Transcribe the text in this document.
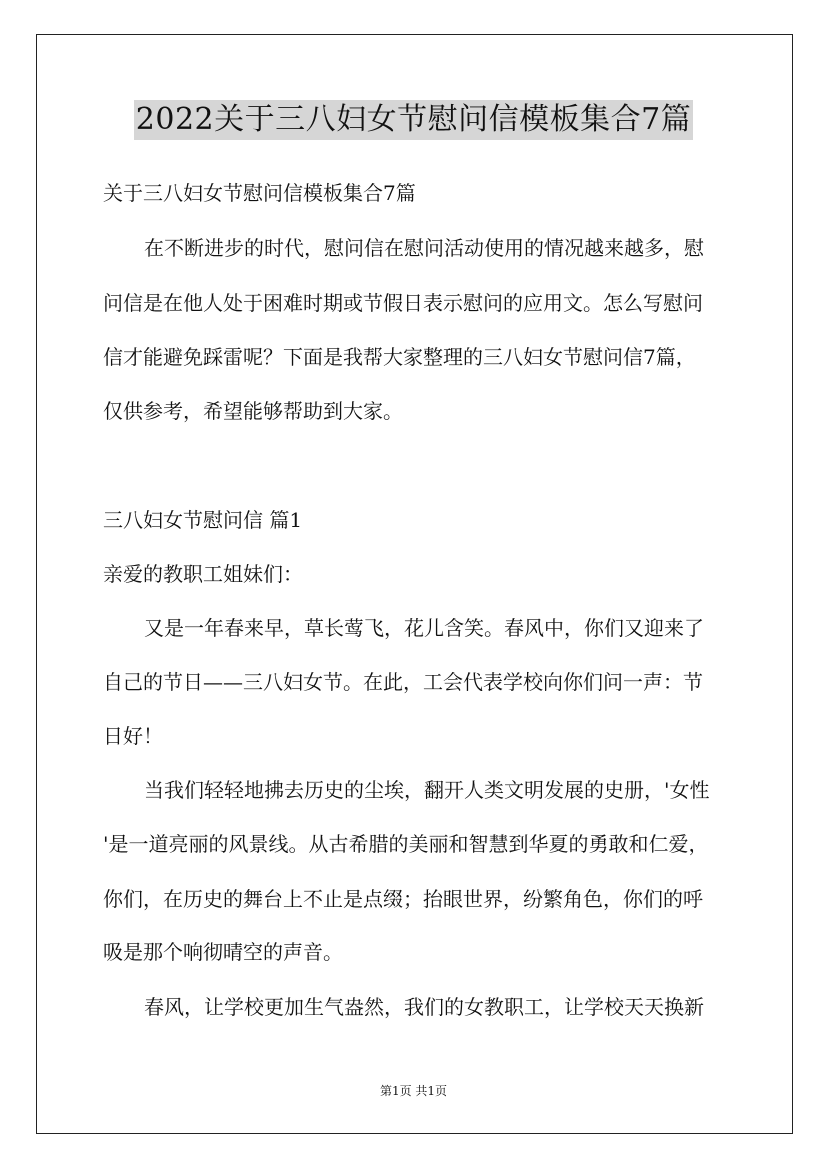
2022关于三八妇女节慰问信模板集合7篇
关于三八妇女节慰问信模板集合7篇
在不断进步的时代，慰问信在慰问活动使用的情况越来越多，慰
问信是在他人处于困难时期或节假日表示慰问的应用文。怎么写慰问
信才能避免踩雷呢？下面是我帮大家整理的三八妇女节慰问信7篇，
仅供参考，希望能够帮助到大家。
三八妇女节慰问信 篇1
亲爱的教职工姐妹们：
又是一年春来早，草长莺飞，花儿含笑。春风中，你们又迎来了
自己的节日——三八妇女节。在此，工会代表学校向你们问一声：节
日好！
当我们轻轻地拂去历史的尘埃，翻开人类文明发展的史册，'女性
'是一道亮丽的风景线。从古希腊的美丽和智慧到华夏的勇敢和仁爱，
你们，在历史的舞台上不止是点缀；抬眼世界，纷繁角色，你们的呼
吸是那个响彻晴空的声音。
春风，让学校更加生气盎然，我们的女教职工，让学校天天换新
第1页 共1页
